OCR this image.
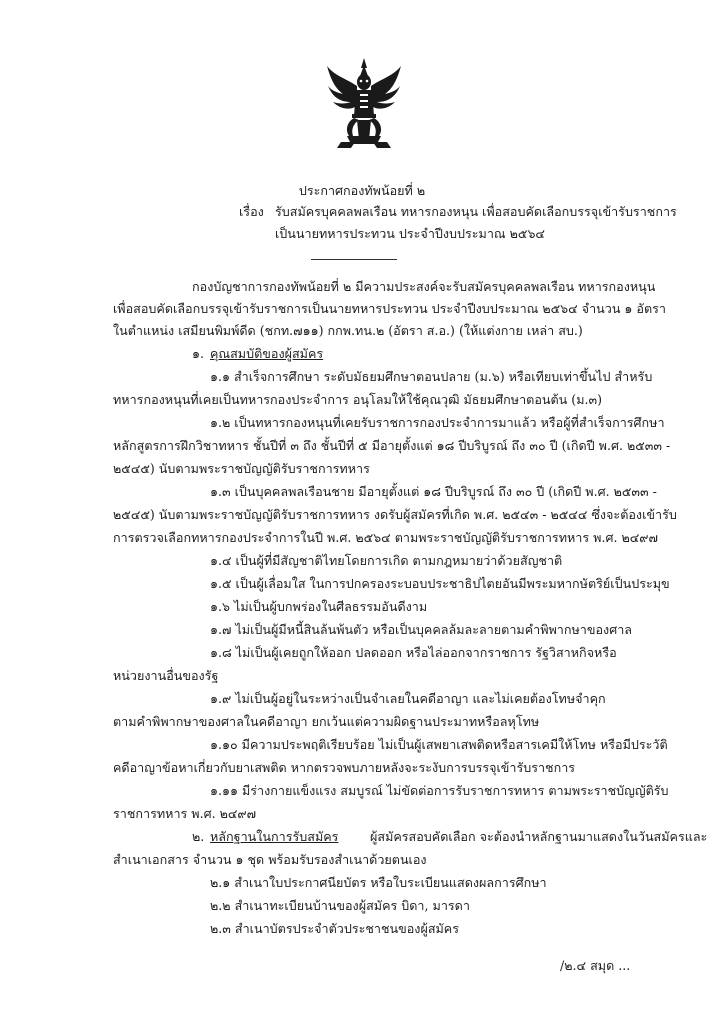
ประกาศกองทัพน้อยที่ ๒
เรื่อง รับสมัครบุคคลพลเรือน ทหารกองหนุน เพื่อสอบคัดเลือกบรรจุเข้ารับราชการ
เป็นนายทหารประทวน ประจำปีงบประมาณ ๒๕๖๔
กองบัญชาการกองทัพน้อยที่ ๒ มีความประสงค์จะรับสมัครบุคคลพลเรือน ทหารกองหนุน
เพื่อสอบคัดเลือกบรรจุเข้ารับราชการเป็นนายทหารประทวน ประจำปีงบประมาณ ๒๕๖๔ จำนวน ๑ อัตรา
ในตำแหน่ง เสมียนพิมพ์ดีด (ชกท.๗๑๑) กกพ.ทน.๒ (อัตรา ส.อ.) (ให้แต่งกาย เหล่า สบ.)
๑. คุณสมบัติของผู้สมัคร
๑.๑ สำเร็จการศึกษา ระดับมัธยมศึกษาตอนปลาย (ม.๖) หรือเทียบเท่าขึ้นไป สำหรับ
ทหารกองหนุนที่เคยเป็นทหารกองประจำการ อนุโลมให้ใช้คุณวุฒิ มัธยมศึกษาตอนต้น (ม.๓)
๑.๒ เป็นทหารกองหนุนที่เคยรับราชการกองประจำการมาแล้ว หรือผู้ที่สำเร็จการศึกษา
หลักสูตรการฝึกวิชาทหาร ชั้นปีที่ ๓ ถึง ชั้นปีที่ ๕ มีอายุตั้งแต่ ๑๘ ปีบริบูรณ์ ถึง ๓๐ ปี (เกิดปี พ.ศ. ๒๕๓๓ -
๒๕๔๕) นับตามพระราชบัญญัติรับราชการทหาร
๑.๓ เป็นบุคคลพลเรือนชาย มีอายุตั้งแต่ ๑๘ ปีบริบูรณ์ ถึง ๓๐ ปี (เกิดปี พ.ศ. ๒๕๓๓ -
๒๕๔๕) นับตามพระราชบัญญัติรับราชการทหาร งดรับผู้สมัครที่เกิด พ.ศ. ๒๕๔๓ - ๒๕๔๔ ซึ่งจะต้องเข้ารับ
การตรวจเลือกทหารกองประจำการในปี พ.ศ. ๒๕๖๔ ตามพระราชบัญญัติรับราชการทหาร พ.ศ. ๒๔๙๗
๑.๔ เป็นผู้ที่มีสัญชาติไทยโดยการเกิด ตามกฎหมายว่าด้วยสัญชาติ
๑.๕ เป็นผู้เลื่อมใส ในการปกครองระบอบประชาธิปไตยอันมีพระมหากษัตริย์เป็นประมุข
๑.๖ ไม่เป็นผู้บกพร่องในศีลธรรมอันดีงาม
๑.๗ ไม่เป็นผู้มีหนี้สินล้นพ้นตัว หรือเป็นบุคคลล้มละลายตามคำพิพากษาของศาล
๑.๘ ไม่เป็นผู้เคยถูกให้ออก ปลดออก หรือไล่ออกจากราชการ รัฐวิสาหกิจหรือ
หน่วยงานอื่นของรัฐ
๑.๙ ไม่เป็นผู้อยู่ในระหว่างเป็นจำเลยในคดีอาญา และไม่เคยต้องโทษจำคุก
ตามคำพิพากษาของศาลในคดีอาญา ยกเว้นแต่ความผิดฐานประมาทหรือลหุโทษ
๑.๑๐ มีความประพฤติเรียบร้อย ไม่เป็นผู้เสพยาเสพติดหรือสารเคมีให้โทษ หรือมีประวัติ
คดีอาญาข้อหาเกี่ยวกับยาเสพติด หากตรวจพบภายหลังจะระงับการบรรจุเข้ารับราชการ
๑.๑๑ มีร่างกายแข็งแรง สมบูรณ์ ไม่ขัดต่อการรับราชการทหาร ตามพระราชบัญญัติรับ
ราชการทหาร พ.ศ. ๒๔๙๗
๒. หลักฐานในการรับสมัคร	ผู้สมัครสอบคัดเลือก จะต้องนำหลักฐานมาแสดงในวันสมัครและ
สำเนาเอกสาร จำนวน ๑ ชุด พร้อมรับรองสำเนาด้วยตนเอง
๒.๑ สำเนาใบประกาศนียบัตร หรือใบระเบียนแสดงผลการศึกษา
๒.๒ สำเนาทะเบียนบ้านของผู้สมัคร บิดา, มารดา
๒.๓ สำเนาบัตรประจำตัวประชาชนของผู้สมัคร
/๒.๔ สมุด ...
